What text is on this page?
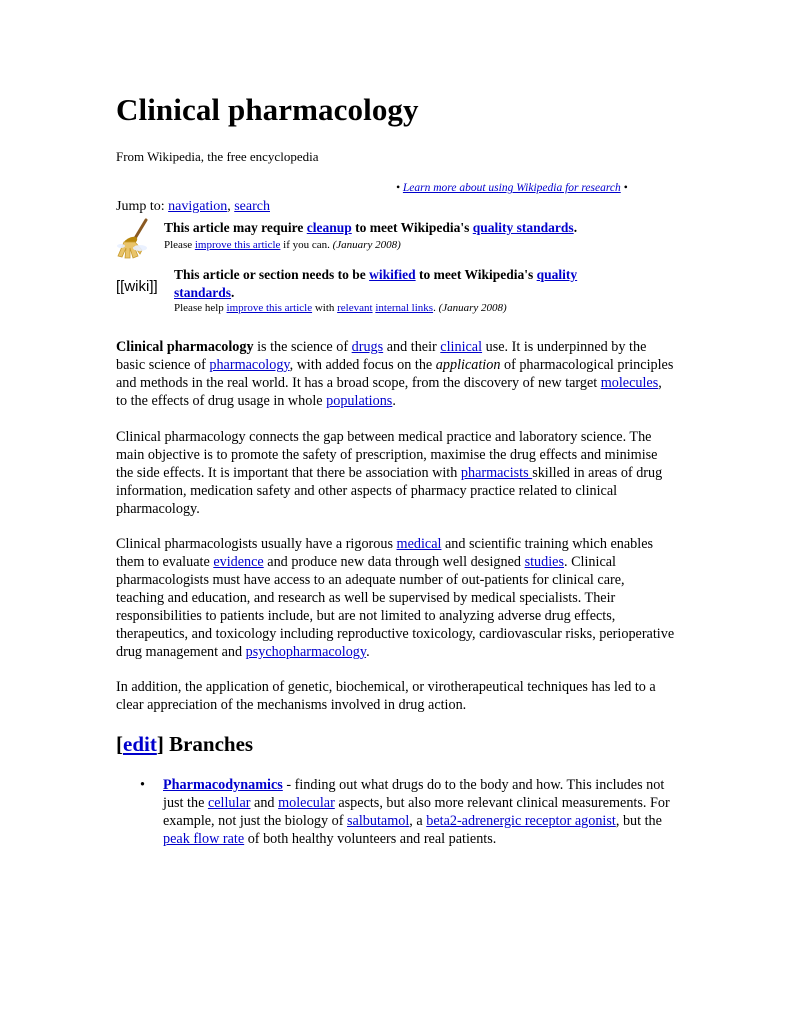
Clinical pharmacology
From Wikipedia, the free encyclopedia
• Learn more about using Wikipedia for research •
Jump to: navigation, search
This article may require cleanup to meet Wikipedia's quality standards.
Please improve this article if you can. (January 2008)
[[wiki]]
This article or section needs to be wikified to meet Wikipedia's quality
standards.
Please help improve this article with relevant internal links. (January 2008)

Clinical pharmacology is the science of drugs and their clinical use. It is underpinned by the basic science of pharmacology, with added focus on the application of pharmacological principles and methods in the real world. It has a broad scope, from the discovery of new target molecules, to the effects of drug usage in whole populations.

Clinical pharmacology connects the gap between medical practice and laboratory science. The main objective is to promote the safety of prescription, maximise the drug effects and minimise the side effects. It is important that there be association with pharmacists skilled in areas of drug information, medication safety and other aspects of pharmacy practice related to clinical pharmacology.

Clinical pharmacologists usually have a rigorous medical and scientific training which enables them to evaluate evidence and produce new data through well designed studies. Clinical pharmacologists must have access to an adequate number of out-patients for clinical care, teaching and education, and research as well be supervised by medical specialists. Their responsibilities to patients include, but are not limited to analyzing adverse drug effects, therapeutics, and toxicology including reproductive toxicology, cardiovascular risks, perioperative drug management and psychopharmacology.

In addition, the application of genetic, biochemical, or virotherapeutical techniques has led to a clear appreciation of the mechanisms involved in drug action.

[edit] Branches
• Pharmacodynamics - finding out what drugs do to the body and how. This includes not just the cellular and molecular aspects, but also more relevant clinical measurements. For example, not just the biology of salbutamol, a beta2-adrenergic receptor agonist, but the peak flow rate of both healthy volunteers and real patients.
